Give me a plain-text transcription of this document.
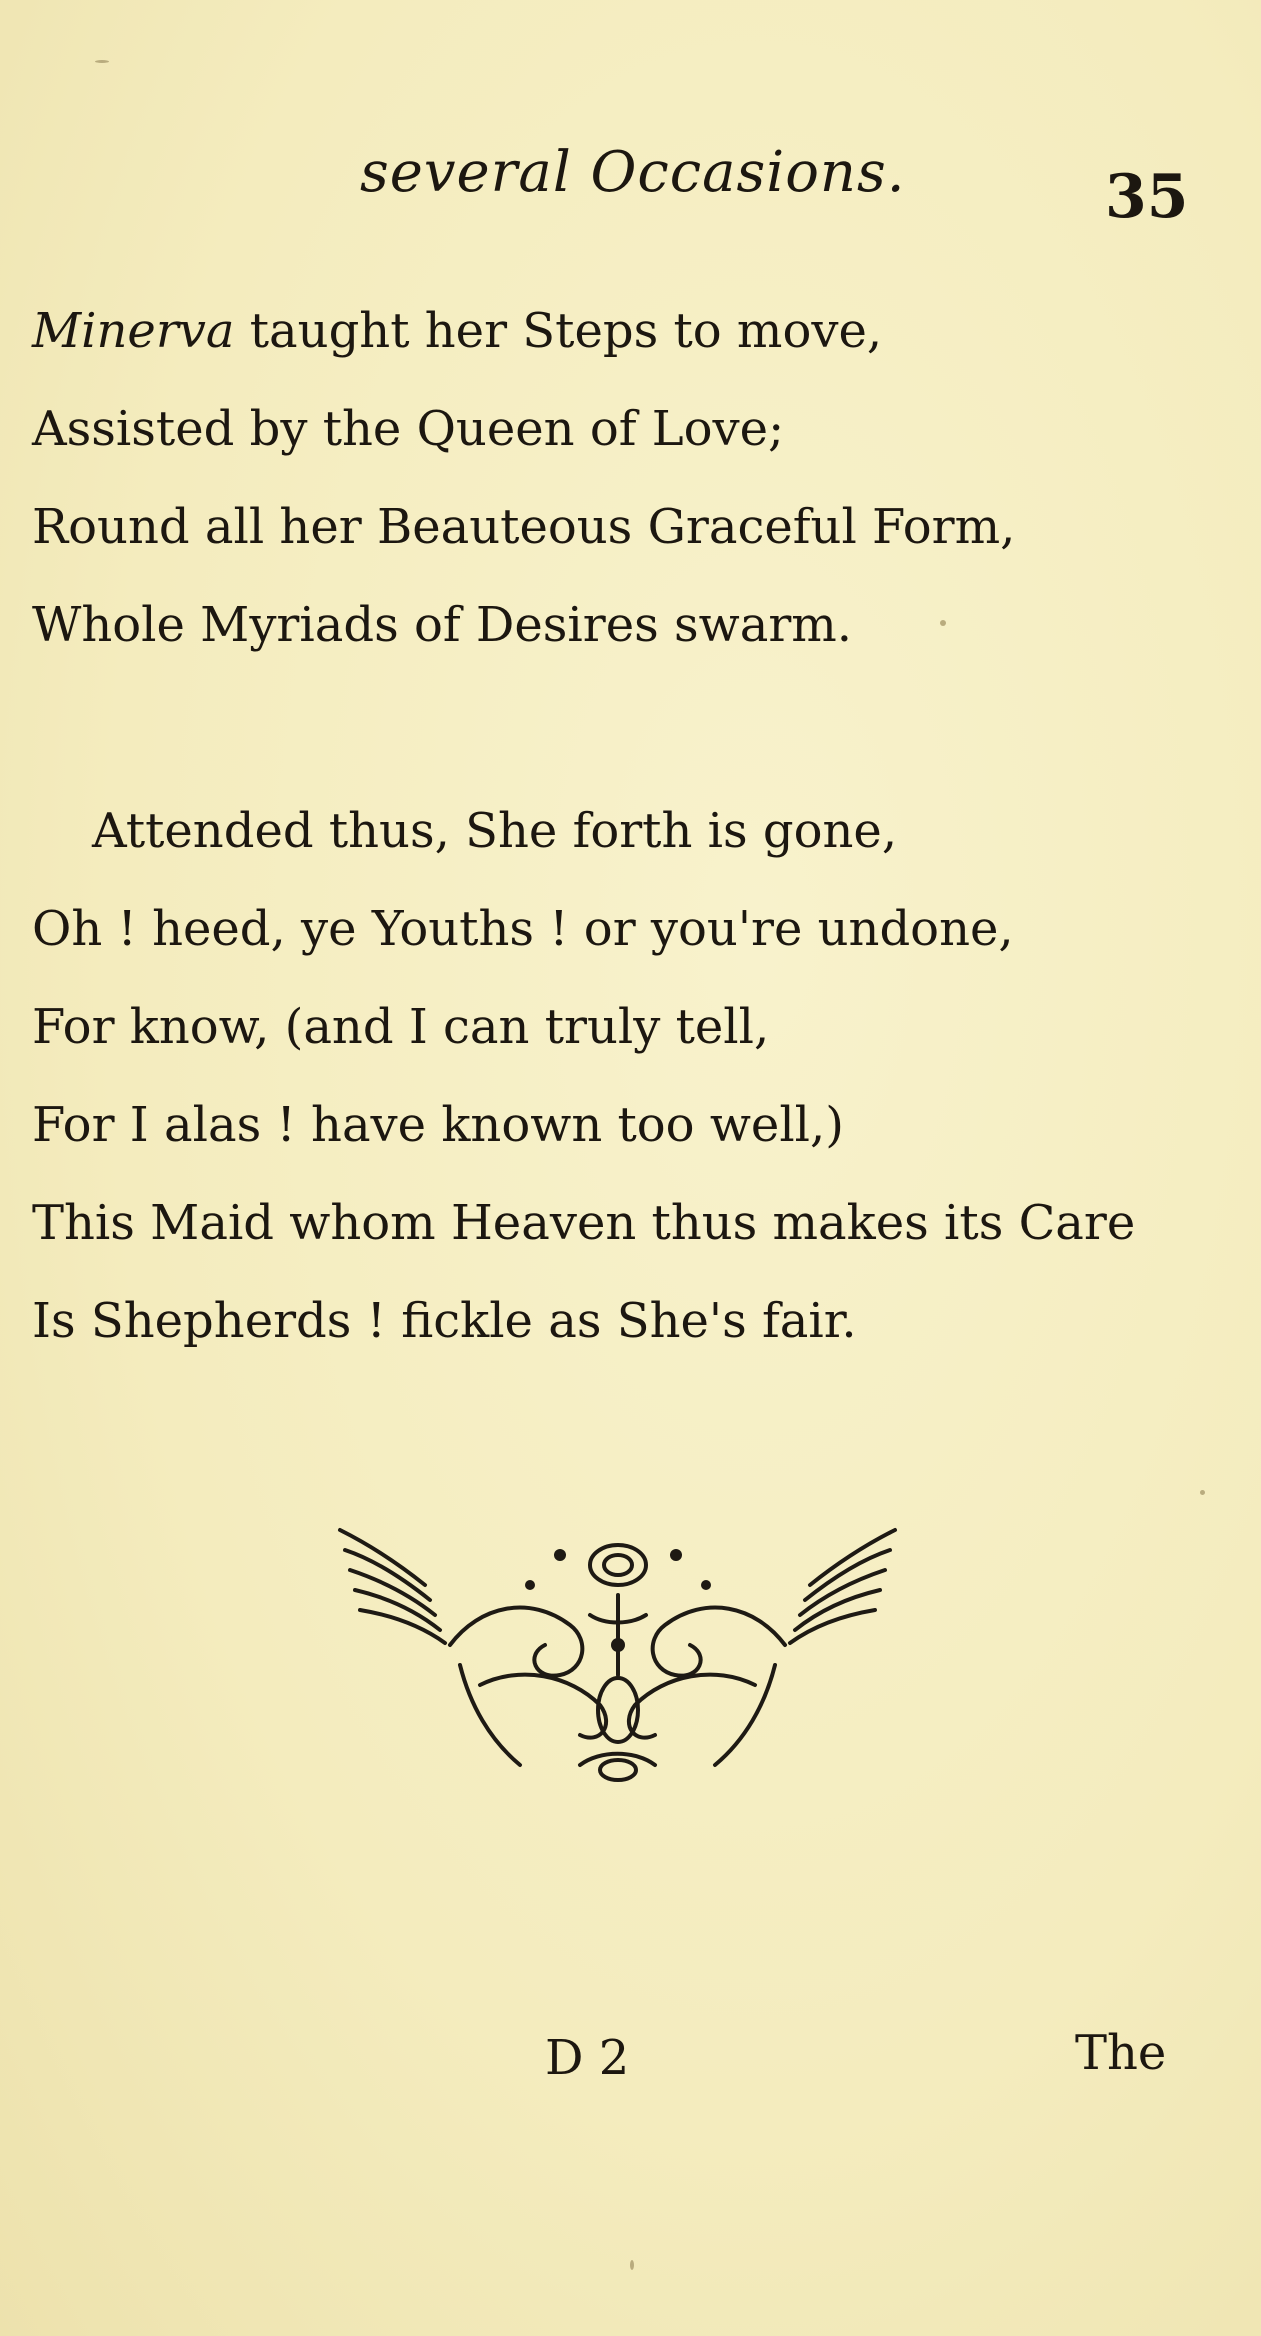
several Occasions.	35
Minerva taught her Steps to move,
Assisted by the Queen of Love;
Round all her Beauteous Graceful Form,
Whole Myriads of Desires swarm.
Attended thus, She forth is gone,
Oh ! heed, ye Youths ! or you're undone,
For know, (and I can truly tell,
For I alas ! have known too well,)
This Maid whom Heaven thus makes its Care
Is Shepherds ! fickle as She's fair.
D 2	The
